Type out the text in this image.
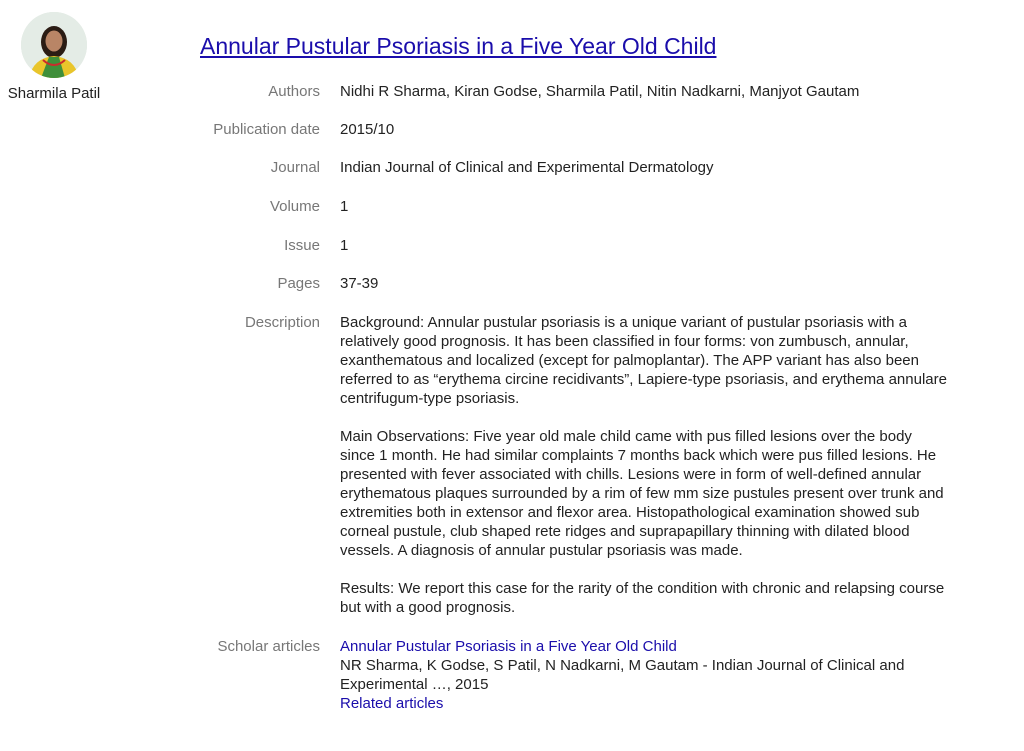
Sharmila Patil
Annular Pustular Psoriasis in a Five Year Old Child
Authors Nidhi R Sharma, Kiran Godse, Sharmila Patil, Nitin Nadkarni, Manjyot Gautam
Publication date 2015/10
Journal Indian Journal of Clinical and Experimental Dermatology
Volume 1
Issue 1
Pages 37-39
Description Background: Annular pustular psoriasis is a unique variant of pustular psoriasis with a relatively good prognosis. It has been classified in four forms: von zumbusch, annular, exanthematous and localized (except for palmoplantar). The APP variant has also been referred to as “erythema circine recidivants”, Lapiere-type psoriasis, and erythema annulare centrifugum-type psoriasis.

Main Observations: Five year old male child came with pus filled lesions over the body since 1 month. He had similar complaints 7 months back which were pus filled lesions. He presented with fever associated with chills. Lesions were in form of well-defined annular erythematous plaques surrounded by a rim of few mm size pustules present over trunk and extremities both in extensor and flexor area. Histopathological examination showed sub corneal pustule, club shaped rete ridges and suprapapillary thinning with dilated blood vessels. A diagnosis of annular pustular psoriasis was made.

Results: We report this case for the rarity of the condition with chronic and relapsing course but with a good prognosis.

Scholar articles Annular Pustular Psoriasis in a Five Year Old Child
NR Sharma, K Godse, S Patil, N Nadkarni, M Gautam - Indian Journal of Clinical and Experimental …, 2015
Related articles
